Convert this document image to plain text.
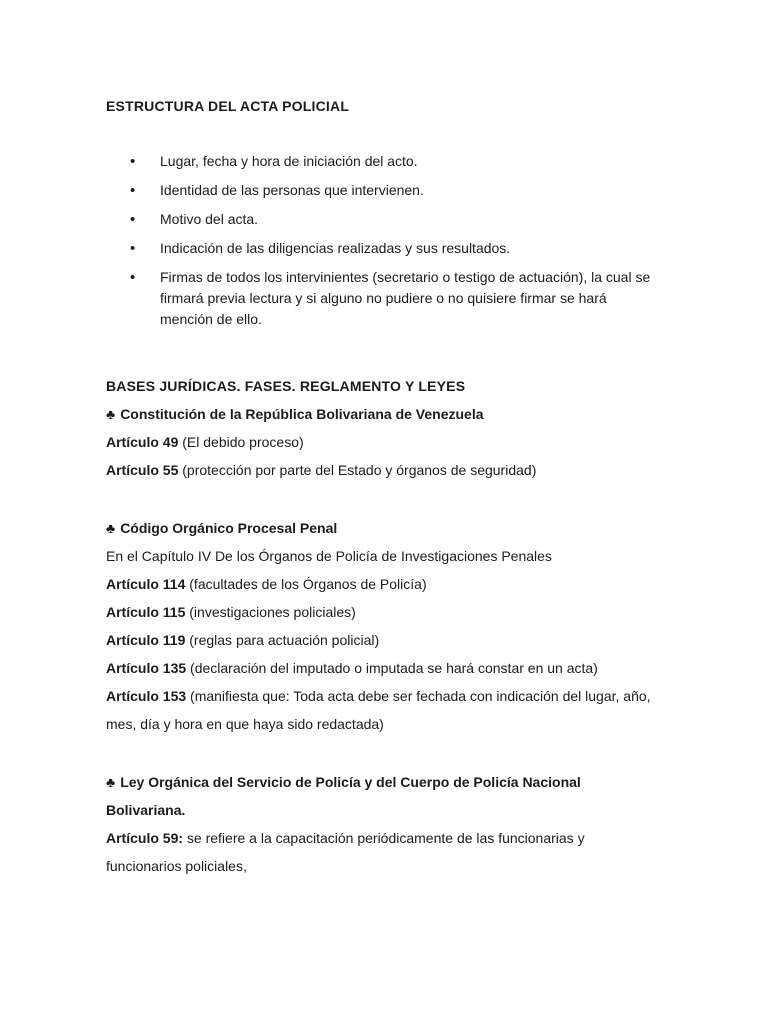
ESTRUCTURA DEL ACTA POLICIAL
• Lugar, fecha y hora de iniciación del acto.
• Identidad de las personas que intervienen.
• Motivo del acta.
• Indicación de las diligencias realizadas y sus resultados.
• Firmas de todos los intervinientes (secretario o testigo de actuación), la cual se firmará previa lectura y si alguno no pudiere o no quisiere firmar se hará mención de ello.
BASES JURÍDICAS. FASES. REGLAMENTO Y LEYES

♣ Constitución de la República Bolivariana de Venezuela

Artículo 49 (El debido proceso)

Artículo 55 (protección por parte del Estado y órganos de seguridad)

♣ Código Orgánico Procesal Penal

En el Capítulo IV De los Órganos de Policía de Investigaciones Penales

Artículo 114 (facultades de los Órganos de Policía)

Artículo 115 (investigaciones policiales)

Artículo 119 (reglas para actuación policial)

Artículo 135 (declaración del imputado o imputada se hará constar en un acta)

Artículo 153 (manifiesta que: Toda acta debe ser fechada con indicación del lugar, año, mes, día y hora en que haya sido redactada)

♣ Ley Orgánica del Servicio de Policía y del Cuerpo de Policía Nacional Bolivariana.

Artículo 59: se refiere a la capacitación periódicamente de las funcionarias y funcionarios policiales,
